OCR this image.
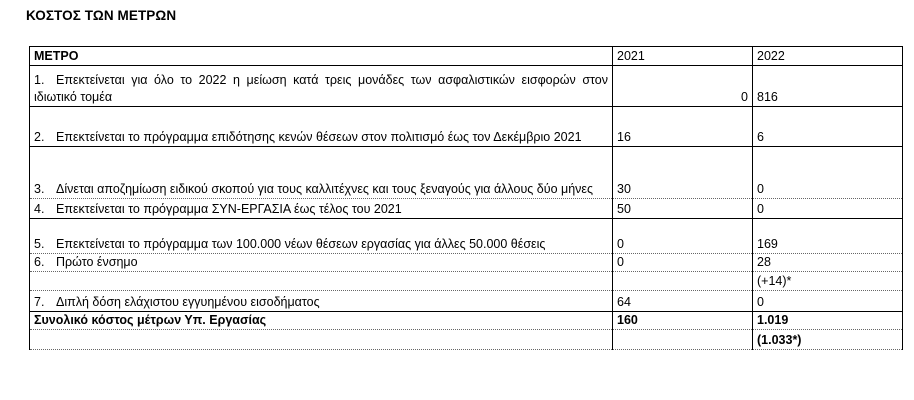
ΚΟΣΤΟΣ ΤΩΝ ΜΕΤΡΩΝ
ΜΕΤΡΟ	2021	2022
1. Επεκτείνεται για όλο το 2022 η μείωση κατά τρεις μονάδες των ασφαλιστικών εισφορών στον ιδιωτικό τομέα	0	816
2. Επεκτείνεται το πρόγραμμα επιδότησης κενών θέσεων στον πολιτισμό έως τον Δεκέμβριο 2021	16	6
3. Δίνεται αποζημίωση ειδικού σκοπού για τους καλλιτέχνες και τους ξεναγούς για άλλους δύο μήνες	30	0
4. Επεκτείνεται το πρόγραμμα ΣΥΝ-ΕΡΓΑΣΙΑ έως τέλος του 2021	50	0
5. Επεκτείνεται το πρόγραμμα των 100.000 νέων θέσεων εργασίας για άλλες 50.000 θέσεις	0	169
6. Πρώτο ένσημο	0	28
		(+14)*
7. Διπλή δόση ελάχιστου εγγυημένου εισοδήματος	64	0
Συνολικό κόστος μέτρων Υπ. Εργασίας	160	1.019
		(1.033*)
